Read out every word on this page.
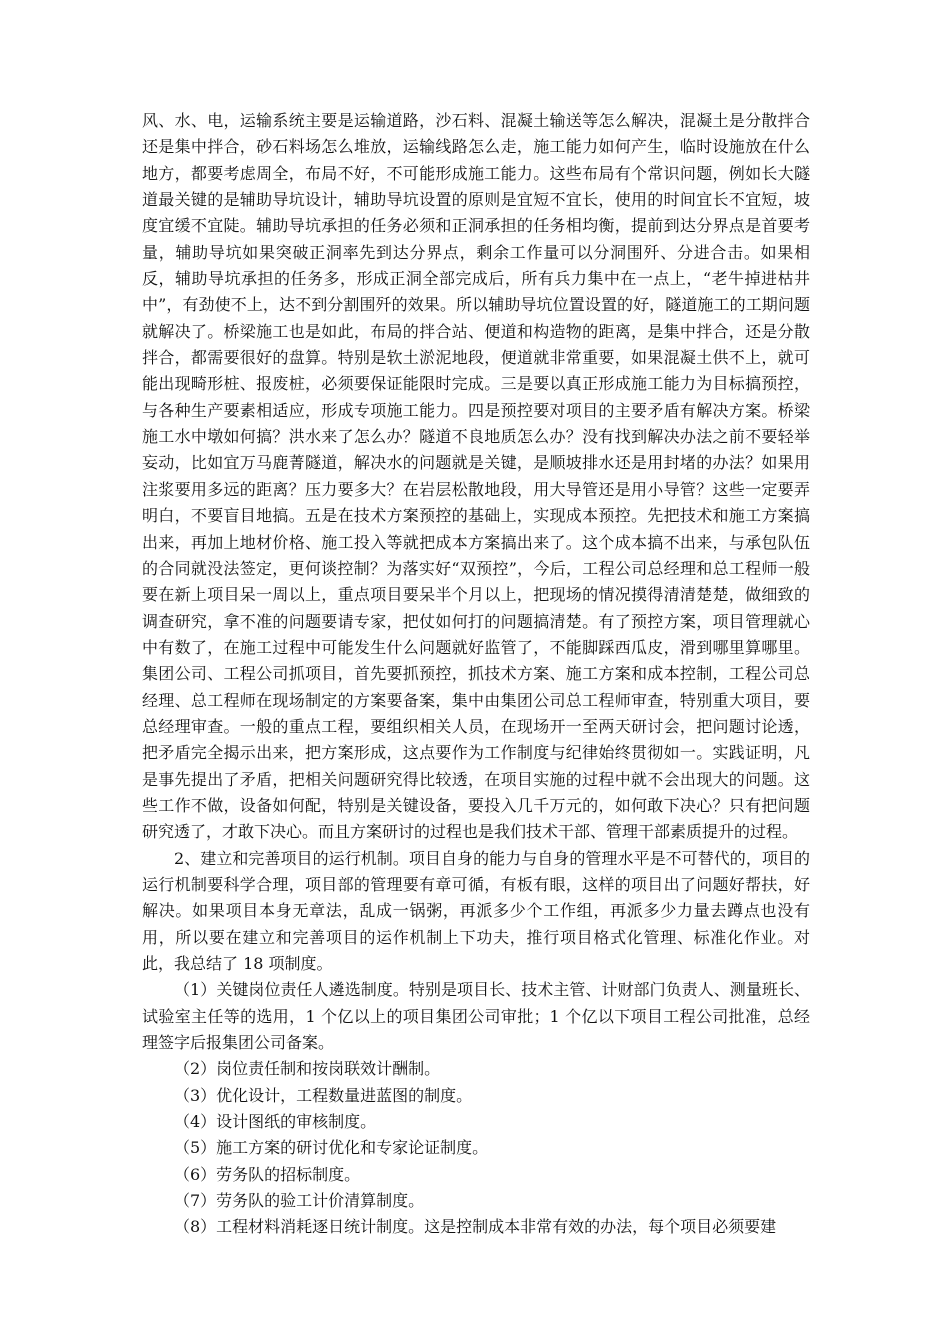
风、水、电，运输系统主要是运输道路，沙石料、混凝土输送等怎么解决，混凝土是分散拌合还是集中拌合，砂石料场怎么堆放，运输线路怎么走，施工能力如何产生，临时设施放在什么地方，都要考虑周全，布局不好，不可能形成施工能力。这些布局有个常识问题，例如长大隧道最关键的是辅助导坑设计，辅助导坑设置的原则是宜短不宜长，使用的时间宜长不宜短，坡度宜缓不宜陡。辅助导坑承担的任务必须和正洞承担的任务相均衡，提前到达分界点是首要考量，辅助导坑如果突破正洞率先到达分界点，剩余工作量可以分洞围歼、分进合击。如果相反，辅助导坑承担的任务多，形成正洞全部完成后，所有兵力集中在一点上，“老牛掉进枯井中”，有劲使不上，达不到分割围歼的效果。所以辅助导坑位置设置的好，隧道施工的工期问题就解决了。桥梁施工也是如此，布局的拌合站、便道和构造物的距离，是集中拌合，还是分散拌合，都需要很好的盘算。特别是软土淤泥地段，便道就非常重要，如果混凝土供不上，就可能出现畸形桩、报废桩，必须要保证能限时完成。三是要以真正形成施工能力为目标搞预控，与各种生产要素相适应，形成专项施工能力。四是预控要对项目的主要矛盾有解决方案。桥梁施工水中墩如何搞？洪水来了怎么办？隧道不良地质怎么办？没有找到解决办法之前不要轻举妄动，比如宜万马鹿菁隧道，解决水的问题就是关键，是顺坡排水还是用封堵的办法？如果用注浆要用多远的距离？压力要多大？在岩层松散地段，用大导管还是用小导管？这些一定要弄明白，不要盲目地搞。五是在技术方案预控的基础上，实现成本预控。先把技术和施工方案搞出来，再加上地材价格、施工投入等就把成本方案搞出来了。这个成本搞不出来，与承包队伍的合同就没法签定，更何谈控制？为落实好“双预控”，今后，工程公司总经理和总工程师一般要在新上项目呆一周以上，重点项目要呆半个月以上，把现场的情况摸得清清楚楚，做细致的调查研究，拿不准的问题要请专家，把仗如何打的问题搞清楚。有了预控方案，项目管理就心中有数了，在施工过程中可能发生什么问题就好监管了，不能脚踩西瓜皮，滑到哪里算哪里。集团公司、工程公司抓项目，首先要抓预控，抓技术方案、施工方案和成本控制，工程公司总经理、总工程师在现场制定的方案要备案，集中由集团公司总工程师审查，特别重大项目，要总经理审查。一般的重点工程，要组织相关人员，在现场开一至两天研讨会，把问题讨论透，把矛盾完全揭示出来，把方案形成，这点要作为工作制度与纪律始终贯彻如一。实践证明，凡是事先提出了矛盾，把相关问题研究得比较透，在项目实施的过程中就不会出现大的问题。这些工作不做，设备如何配，特别是关键设备，要投入几千万元的，如何敢下决心？只有把问题研究透了，才敢下决心。而且方案研讨的过程也是我们技术干部、管理干部素质提升的过程。

2、建立和完善项目的运行机制。项目自身的能力与自身的管理水平是不可替代的，项目的运行机制要科学合理，项目部的管理要有章可循，有板有眼，这样的项目出了问题好帮扶，好解决。如果项目本身无章法，乱成一锅粥，再派多少个工作组，再派多少力量去蹲点也没有用，所以要在建立和完善项目的运作机制上下功夫，推行项目格式化管理、标准化作业。对此，我总结了 18 项制度。

（1）关键岗位责任人遴选制度。特别是项目长、技术主管、计财部门负责人、测量班长、试验室主任等的选用，1 个亿以上的项目集团公司审批；1 个亿以下项目工程公司批准，总经理签字后报集团公司备案。

（2）岗位责任制和按岗联效计酬制。

（3）优化设计，工程数量进蓝图的制度。

（4）设计图纸的审核制度。

（5）施工方案的研讨优化和专家论证制度。

（6）劳务队的招标制度。

（7）劳务队的验工计价清算制度。

（8）工程材料消耗逐日统计制度。这是控制成本非常有效的办法，每个项目必须要建
